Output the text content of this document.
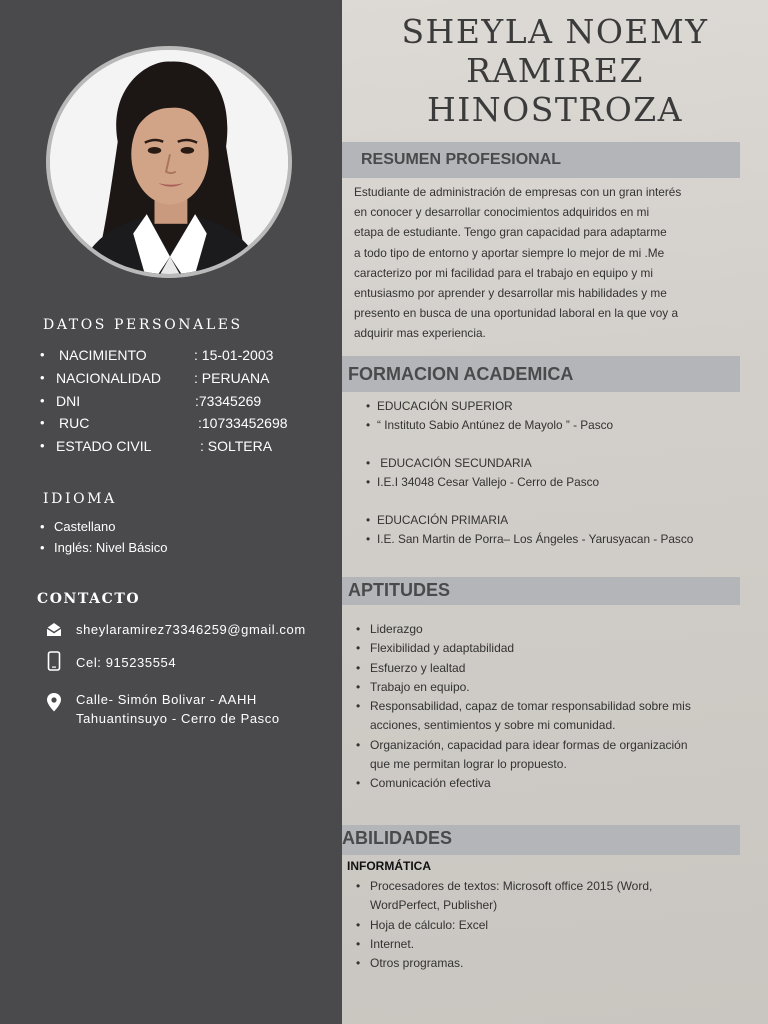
DATOS PERSONALES
• NACIMIENTO	: 15-01-2003
• NACIONALIDAD : PERUANA
• DNI	:73345269
• RUC	:10733452698
• ESTADO CIVIL	: SOLTERA
IDIOMA
• Castellano
• Inglés: Nivel Básico
CONTACTO
sheylaramirez73346259@gmail.com
Cel: 915235554
Calle- Simón Bolivar - AAHH
Tahuantinsuyo - Cerro de Pasco
SHEYLA NOEMY
RAMIREZ
HINOSTROZA
RESUMEN PROFESIONAL
Estudiante de administración de empresas con un gran interés
en conocer y desarrollar conocimientos adquiridos en mi
etapa de estudiante. Tengo gran capacidad para adaptarme
a todo tipo de entorno y aportar siempre lo mejor de mi .Me
caracterizo por mi facilidad para el trabajo en equipo y mi
entusiasmo por aprender y desarrollar mis habilidades y me
presento en busca de una oportunidad laboral en la que voy a
adquirir mas experiencia.
FORMACION ACADEMICA
• EDUCACIÓN SUPERIOR
• “ Instituto Sabio Antúnez de Mayolo ” - Pasco
•  EDUCACIÓN SECUNDARIA
• I.E.I 34048 Cesar Vallejo - Cerro de Pasco
• EDUCACIÓN PRIMARIA
• I.E. San Martin de Porra– Los Ángeles - Yarusyacan - Pasco
APTITUDES
• Liderazgo
• Flexibilidad y adaptabilidad
• Esfuerzo y lealtad
• Trabajo en equipo.
• Responsabilidad, capaz de tomar responsabilidad sobre mis acciones, sentimientos y sobre mi comunidad.
• Organización, capacidad para idear formas de organización que me permitan lograr lo propuesto.
• Comunicación efectiva
ABILIDADES
INFORMÁTICA
• Procesadores de textos: Microsoft office 2015 (Word, WordPerfect, Publisher)
• Hoja de cálculo: Excel
• Internet.
• Otros programas.
